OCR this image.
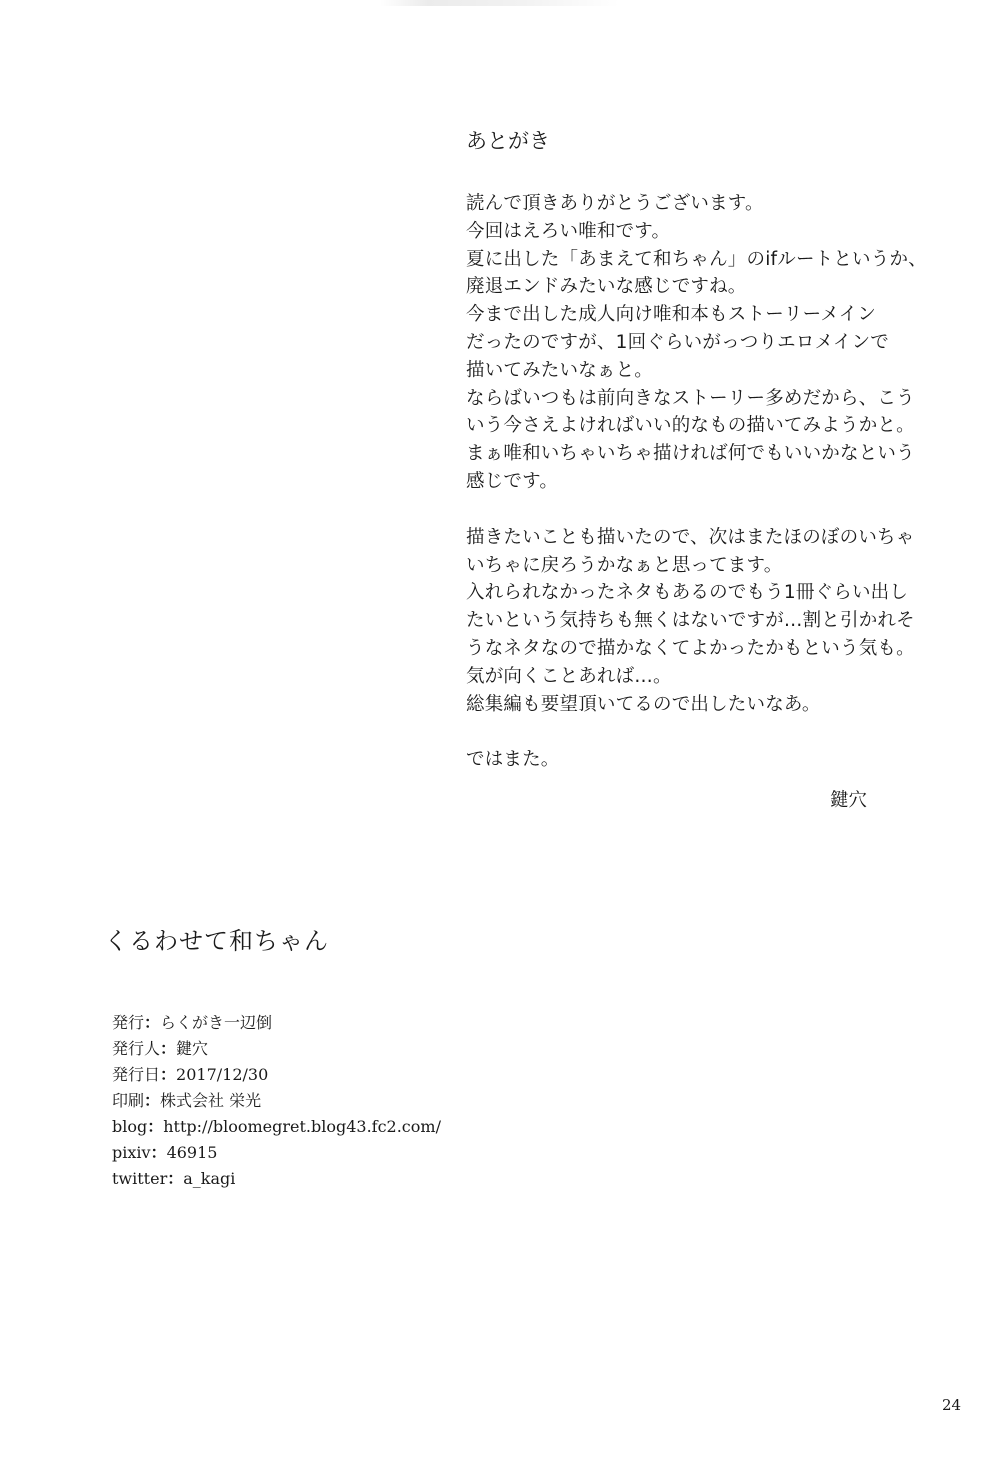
あとがき
読んで頂きありがとうございます。
今回はえろい唯和です。
夏に出した「あまえて和ちゃん」のifルートというか、
廃退エンドみたいな感じですね。
今まで出した成人向け唯和本もストーリーメイン
だったのですが、1回ぐらいがっつりエロメインで
描いてみたいなぁと。
ならばいつもは前向きなストーリー多めだから、こう
いう今さえよければいい的なもの描いてみようかと。
まぁ唯和いちゃいちゃ描ければ何でもいいかなという
感じです。
描きたいことも描いたので、次はまたほのぼのいちゃ
いちゃに戻ろうかなぁと思ってます。
入れられなかったネタもあるのでもう1冊ぐらい出し
たいという気持ちも無くはないですが…割と引かれそ
うなネタなので描かなくてよかったかもという気も。
気が向くことあれば…。
総集編も要望頂いてるので出したいなあ。
ではまた。
鍵穴
くるわせて和ちゃん
発行：らくがき一辺倒
発行人：鍵穴
発行日：2017/12/30
印刷：株式会社 栄光
blog：http://bloomegret.blog43.fc2.com/
pixiv：46915
twitter：a_kagi
24
